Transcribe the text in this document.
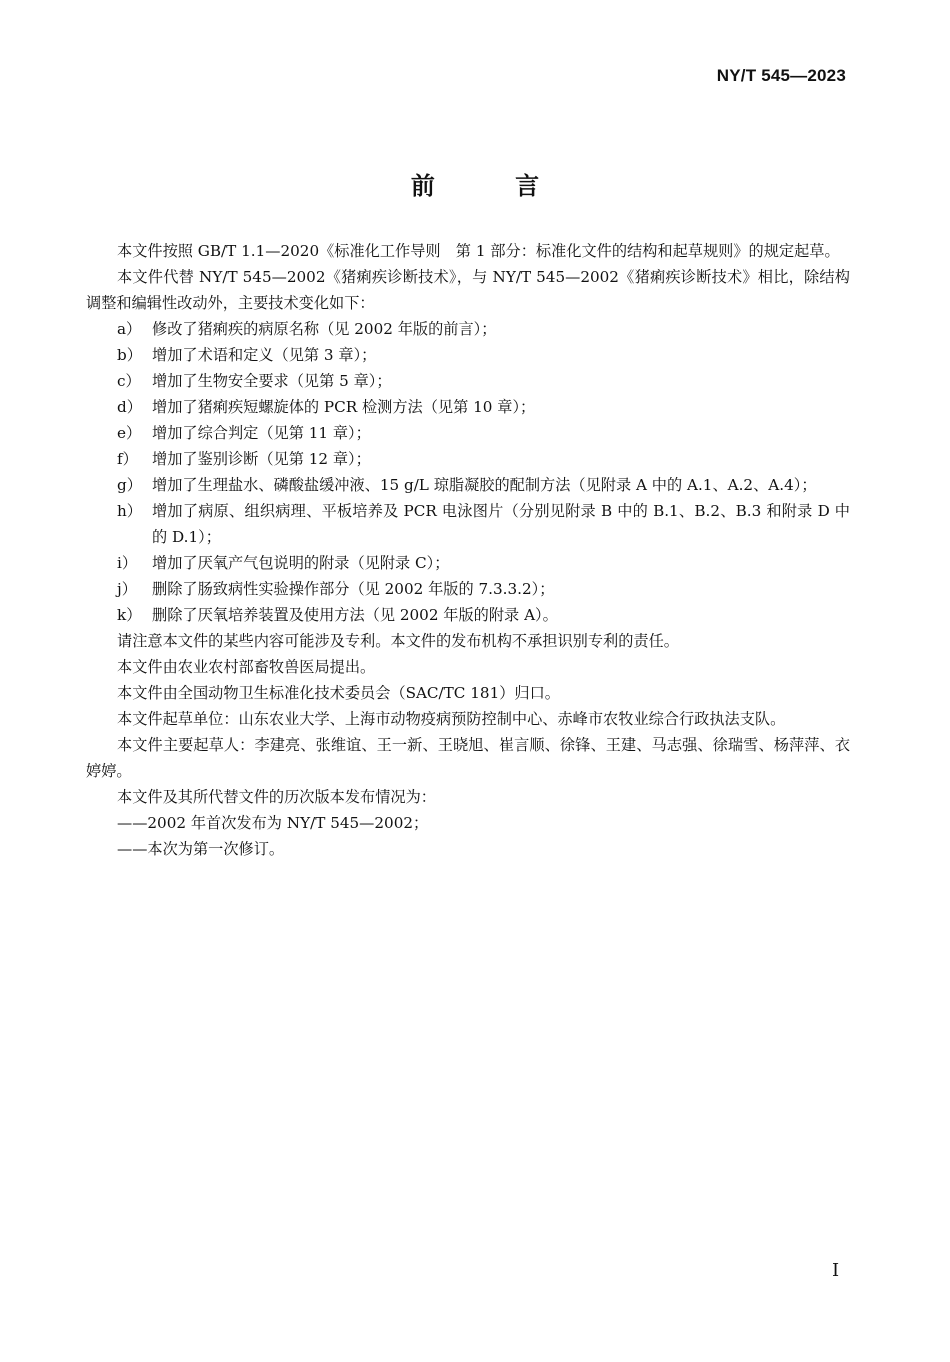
NY/T 545—2023
前 言

本文件按照 GB/T 1.1—2020《标准化工作导则　第 1 部分：标准化文件的结构和起草规则》的规定起草。

本文件代替 NY/T 545—2002《猪痢疾诊断技术》，与 NY/T 545—2002《猪痢疾诊断技术》相比，除结构调整和编辑性改动外，主要技术变化如下：

a） 修改了猪痢疾的病原名称（见 2002 年版的前言）；
b） 增加了术语和定义（见第 3 章）；
c） 增加了生物安全要求（见第 5 章）；
d） 增加了猪痢疾短螺旋体的 PCR 检测方法（见第 10 章）；
e） 增加了综合判定（见第 11 章）；
f） 增加了鉴别诊断（见第 12 章）；
g） 增加了生理盐水、磷酸盐缓冲液、15 g/L 琼脂凝胶的配制方法（见附录 A 中的 A.1、A.2、A.4）；
h） 增加了病原、组织病理、平板培养及 PCR 电泳图片（分别见附录 B 中的 B.1、B.2、B.3 和附录 D 中的 D.1）；
i） 增加了厌氧产气包说明的附录（见附录 C）；
j） 删除了肠致病性实验操作部分（见 2002 年版的 7.3.3.2）；
k） 删除了厌氧培养装置及使用方法（见 2002 年版的附录 A）。

请注意本文件的某些内容可能涉及专利。本文件的发布机构不承担识别专利的责任。

本文件由农业农村部畜牧兽医局提出。

本文件由全国动物卫生标准化技术委员会（SAC/TC 181）归口。

本文件起草单位：山东农业大学、上海市动物疫病预防控制中心、赤峰市农牧业综合行政执法支队。

本文件主要起草人：李建亮、张维谊、王一新、王晓旭、崔言顺、徐锋、王建、马志强、徐瑞雪、杨萍萍、衣婷婷。

本文件及其所代替文件的历次版本发布情况为：

——2002 年首次发布为 NY/T 545—2002；

——本次为第一次修订。

I
